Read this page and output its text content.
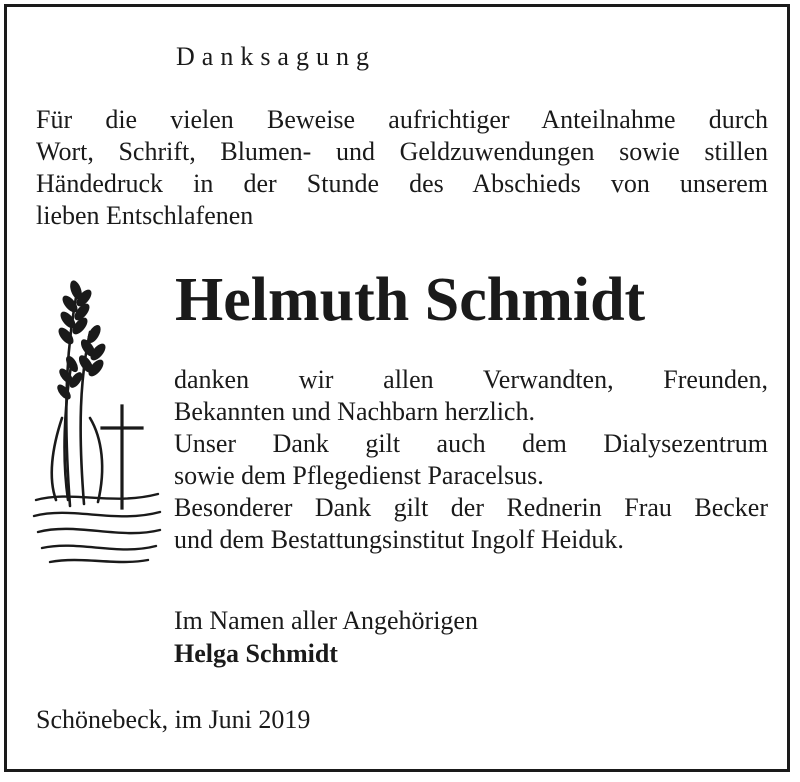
Danksagung
Für die vielen Beweise aufrichtiger Anteilnahme durch
Wort, Schrift, Blumen- und Geldzuwendungen sowie stillen
Händedruck in der Stunde des Abschieds von unserem
lieben Entschlafenen
Helmuth Schmidt
danken wir allen Verwandten, Freunden,
Bekannten und Nachbarn herzlich.
Unser Dank gilt auch dem Dialysezentrum
sowie dem Pflegedienst Paracelsus.
Besonderer Dank gilt der Rednerin Frau Becker
und dem Bestattungsinstitut Ingolf Heiduk.
Im Namen aller Angehörigen
Helga Schmidt
Schönebeck, im Juni 2019
